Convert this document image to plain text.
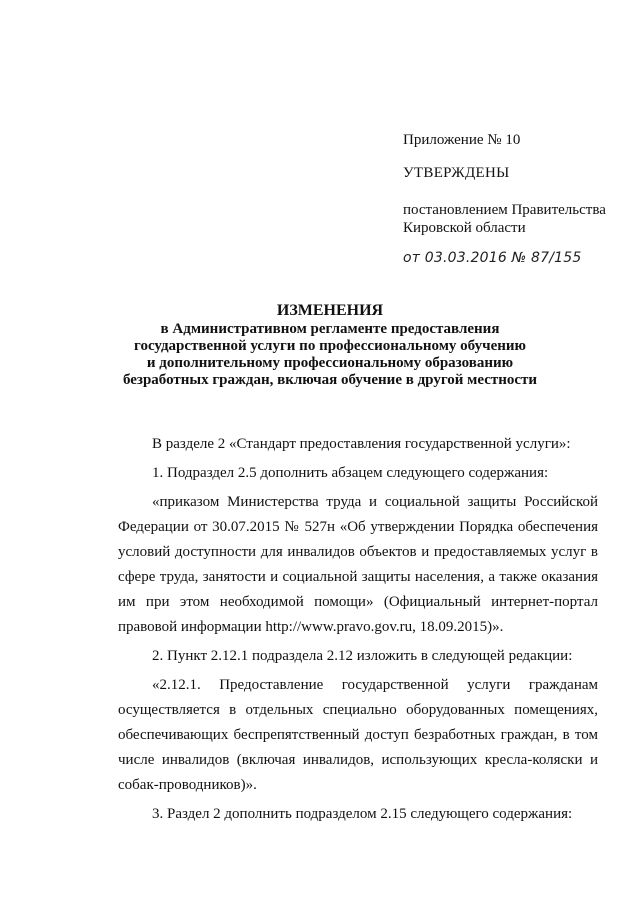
Приложение № 10
УТВЕРЖДЕНЫ
постановлением Правительства
Кировской области
от 03.03.2016 № 87/155
ИЗМЕНЕНИЯ
в Административном регламенте предоставления
государственной услуги по профессиональному обучению
и дополнительному профессиональному образованию
безработных граждан, включая обучение в другой местности

В разделе 2 «Стандарт предоставления государственной услуги»:

1. Подраздел 2.5 дополнить абзацем следующего содержания:

«приказом Министерства труда и социальной защиты Российской Федерации от 30.07.2015 № 527н «Об утверждении Порядка обеспечения условий доступности для инвалидов объектов и предоставляемых услуг в сфере труда, занятости и социальной защиты населения, а также оказания им при этом необходимой помощи» (Официальный интернет-портал правовой информации http://www.pravo.gov.ru, 18.09.2015)».

2. Пункт 2.12.1 подраздела 2.12 изложить в следующей редакции:

«2.12.1. Предоставление государственной услуги гражданам осуществляется в отдельных специально оборудованных помещениях, обеспечивающих беспрепятственный доступ безработных граждан, в том числе инвалидов (включая инвалидов, использующих кресла-коляски и собак-проводников)».

3. Раздел 2 дополнить подразделом 2.15 следующего содержания:
